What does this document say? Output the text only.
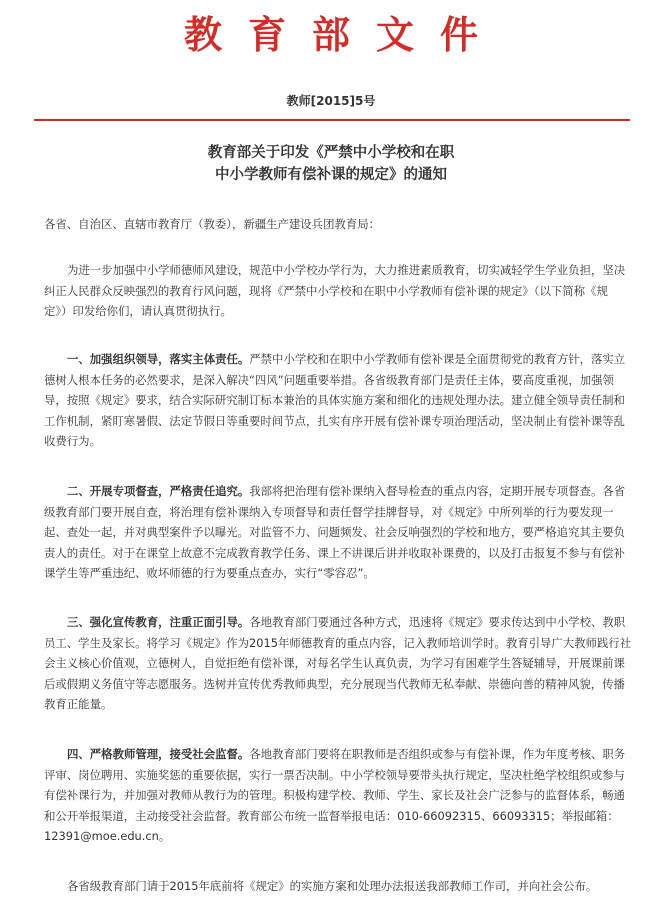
教育部文件
教师[2015]5号
教育部关于印发《严禁中小学校和在职
中小学教师有偿补课的规定》的通知
各省、自治区、直辖市教育厅（教委），新疆生产建设兵团教育局：
为进一步加强中小学师德师风建设，规范中小学校办学行为，大力推进素质教育，切实减轻学生学业负担，坚决
纠正人民群众反映强烈的教育行风问题，现将《严禁中小学校和在职中小学教师有偿补课的规定》（以下简称《规
定》）印发给你们，请认真贯彻执行。
一、加强组织领导，落实主体责任。严禁中小学校和在职中小学教师有偿补课是全面贯彻党的教育方针，落实立
德树人根本任务的必然要求，是深入解决“四风”问题重要举措。各省级教育部门是责任主体，要高度重视，加强领
导，按照《规定》要求，结合实际研究制订标本兼治的具体实施方案和细化的违规处理办法。建立健全领导责任制和
工作机制，紧盯寒暑假、法定节假日等重要时间节点，扎实有序开展有偿补课专项治理活动，坚决制止有偿补课等乱
收费行为。
二、开展专项督查，严格责任追究。我部将把治理有偿补课纳入督导检查的重点内容，定期开展专项督查。各省
级教育部门要开展自查，将治理有偿补课纳入专项督导和责任督学挂牌督导，对《规定》中所列举的行为要发现一
起、查处一起，并对典型案件予以曝光。对监管不力、问题频发、社会反响强烈的学校和地方，要严格追究其主要负
责人的责任。对于在课堂上故意不完成教育教学任务、课上不讲课后讲并收取补课费的，以及打击报复不参与有偿补
课学生等严重违纪、败坏师德的行为要重点查办，实行“零容忍”。
三、强化宣传教育，注重正面引导。各地教育部门要通过各种方式，迅速将《规定》要求传达到中小学校、教职
员工、学生及家长。将学习《规定》作为2015年师德教育的重点内容，记入教师培训学时。教育引导广大教师践行社
会主义核心价值观，立德树人，自觉拒绝有偿补课，对每名学生认真负责，为学习有困难学生答疑辅导，开展课前课
后或假期义务值守等志愿服务。选树并宣传优秀教师典型，充分展现当代教师无私奉献、崇德向善的精神风貌，传播
教育正能量。
四、严格教师管理，接受社会监督。各地教育部门要将在职教师是否组织或参与有偿补课，作为年度考核、职务
评审、岗位聘用、实施奖惩的重要依据，实行一票否决制。中小学校领导要带头执行规定，坚决杜绝学校组织或参与
有偿补课行为，并加强对教师从教行为的管理。积极构建学校、教师、学生、家长及社会广泛参与的监督体系，畅通
和公开举报渠道，主动接受社会监督。教育部公布统一监督举报电话：010-66092315、66093315；举报邮箱：
12391@moe.edu.cn。
各省级教育部门请于2015年底前将《规定》的实施方案和处理办法报送我部教师工作司，并向社会公布。
